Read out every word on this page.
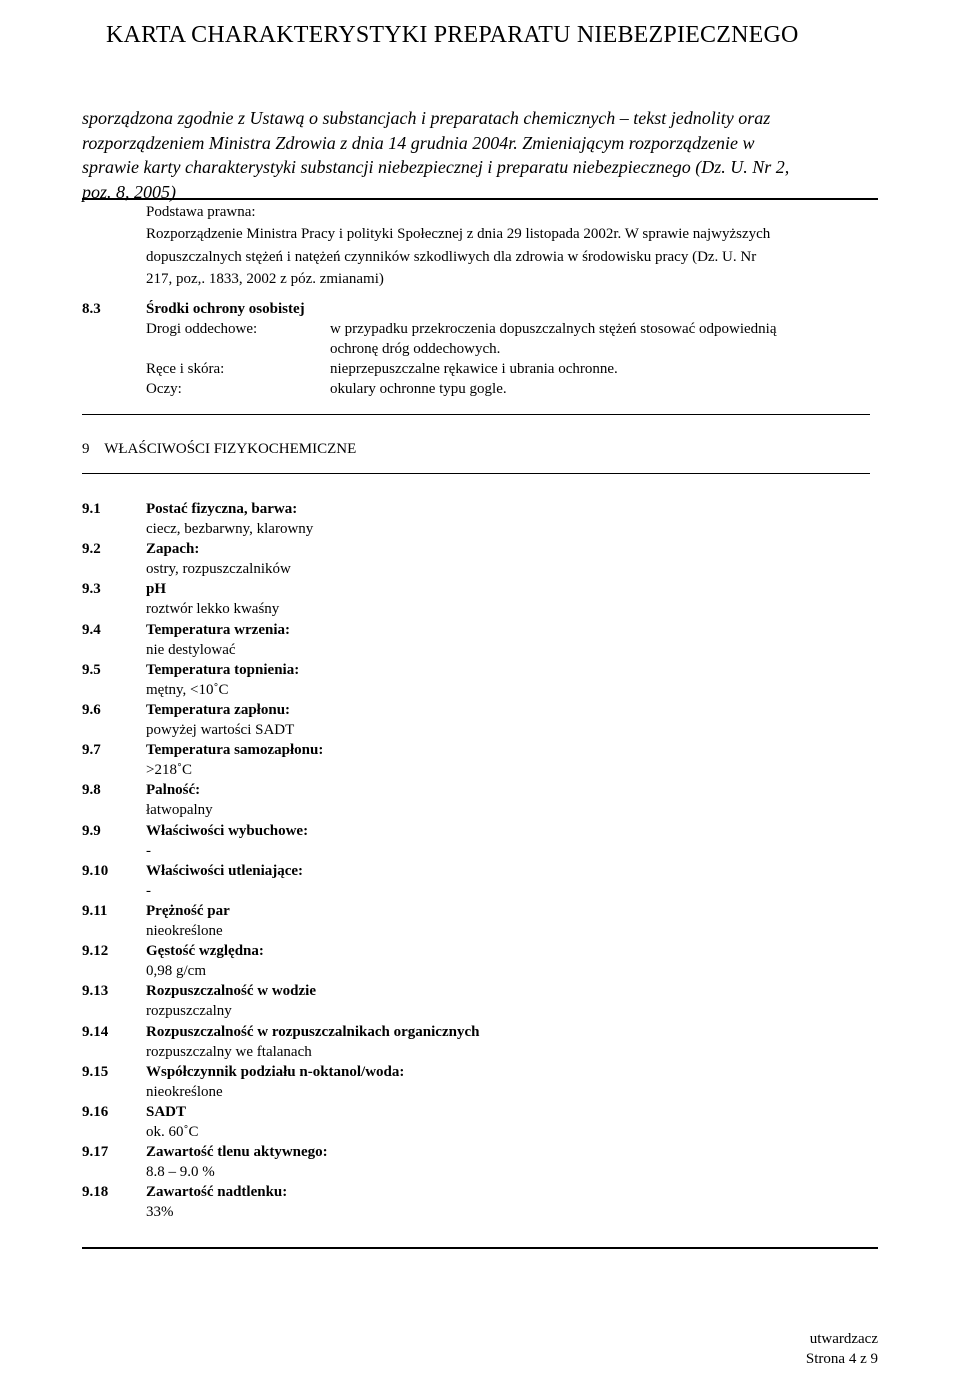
KARTA CHARAKTERYSTYKI PREPARATU NIEBEZPIECZNEGO
sporządzona zgodnie z Ustawą o substancjach i preparatach chemicznych – tekst jednolity oraz
rozporządzeniem Ministra Zdrowia z dnia 14 grudnia 2004r. Zmieniającym rozporządzenie w
sprawie karty charakterystyki substancji niebezpiecznej i preparatu niebezpiecznego (Dz. U. Nr 2,
poz. 8, 2005)
Podstawa prawna:
Rozporządzenie Ministra Pracy i polityki Społecznej z dnia 29 listopada 2002r. W sprawie najwyższych
dopuszczalnych stężeń i natężeń czynników szkodliwych dla zdrowia w środowisku pracy (Dz. U. Nr
217, poz,. 1833, 2002 z póz. zmianami)
8.3	Środki ochrony osobistej
Drogi oddechowe:	w przypadku przekroczenia dopuszczalnych stężeń stosować odpowiednią
ochronę dróg oddechowych.
Ręce i skóra:	nieprzepuszczalne rękawice i ubrania ochronne.
Oczy:	okulary ochronne typu gogle.
9    WŁAŚCIWOŚCI FIZYKOCHEMICZNE
9.1	Postać fizyczna, barwa:
ciecz, bezbarwny, klarowny
9.2	Zapach:
ostry, rozpuszczalników
9.3	pH
roztwór lekko kwaśny
9.4	Temperatura wrzenia:
nie destylować
9.5	Temperatura topnienia:
mętny, <10˚C
9.6	Temperatura zapłonu:
powyżej wartości SADT
9.7	Temperatura samozapłonu:
>218˚C
9.8	Palność:
łatwopalny
9.9	Właściwości wybuchowe:
-
9.10	Właściwości utleniające:
-
9.11	Prężność par
nieokreślone
9.12	Gęstość względna:
0,98 g/cm
9.13	Rozpuszczalność w wodzie
rozpuszczalny
9.14	Rozpuszczalność w rozpuszczalnikach organicznych
rozpuszczalny we ftalanach
9.15	Współczynnik podziału n-oktanol/woda:
nieokreślone
9.16	SADT
ok. 60˚C
9.17	Zawartość tlenu aktywnego:
8.8 – 9.0 %
9.18	Zawartość nadtlenku:
33%
utwardzacz
Strona 4 z 9
